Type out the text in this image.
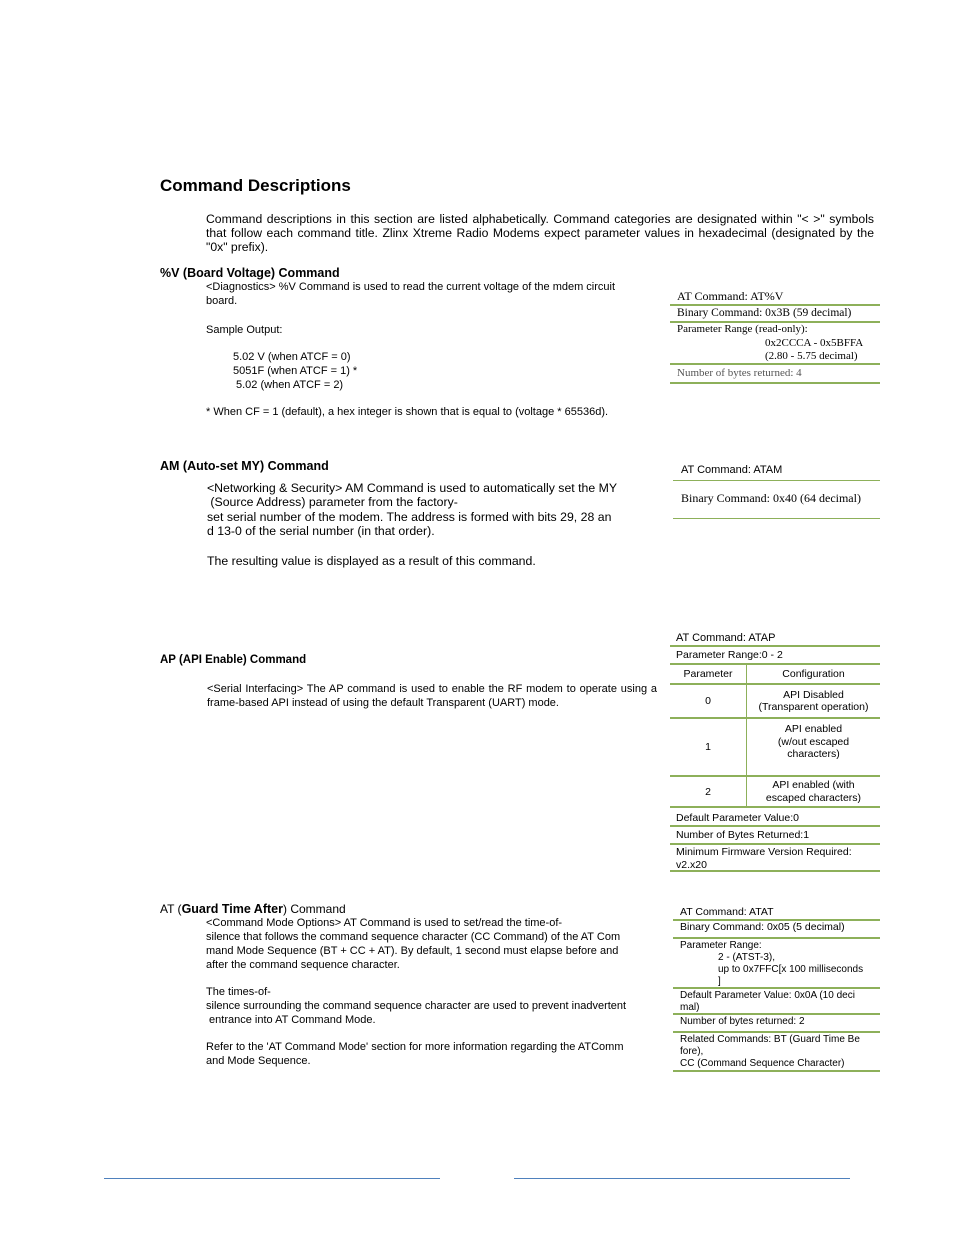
Command Descriptions
Command descriptions in this section are listed alphabetically. Command categories are designated within "< >" symbols that follow each command title. Zlinx Xtreme Radio Modems expect parameter values in hexadecimal (designated by the "0x" prefix).
%V (Board Voltage) Command
<Diagnostics> %V Command is used to read the current voltage of the mdem circuit
board.
Sample Output:
5.02 V (when ATCF = 0)
5051F (when ATCF = 1) *
5.02 (when ATCF = 2)
* When CF = 1 (default), a hex integer is shown that is equal to (voltage * 65536d).
AT Command: AT%V
Binary Command: 0x3B (59 decimal)
Parameter Range (read-only):
0x2CCCA - 0x5BFFA
(2.80 - 5.75 decimal)
Number of bytes returned: 4
AM (Auto-set MY) Command
<Networking & Security> AM Command is used to automatically set the MY
(Source Address) parameter from the factory-
set serial number of the modem. The address is formed with bits 29, 28 an
d 13-0 of the serial number (in that order).
The resulting value is displayed as a result of this command.
AT Command: ATAM
Binary Command: 0x40 (64 decimal)
AP (API Enable) Command
<Serial Interfacing> The AP command is used to enable the RF modem to operate using a frame-based API instead of using the default Transparent (UART) mode.
AT Command: ATAP
Parameter Range:0 - 2
Parameter	Configuration
0	API Disabled
(Transparent operation)

1	API enabled
(w/out escaped
characters)

2	API enabled (with
escaped characters)
Default Parameter Value:0
Number of Bytes Returned:1
Minimum Firmware Version Required:
v2.x20
AT (Guard Time After) Command
<Command Mode Options> AT Command is used to set/read the time-of-
silence that follows the command sequence character (CC Command) of the AT Com
mand Mode Sequence (BT + CC + AT). By default, 1 second must elapse before and
after the command sequence character.
The times-of-
silence surrounding the command sequence character are used to prevent inadvertent
entrance into AT Command Mode.
Refer to the 'AT Command Mode' section for more information regarding the ATComm
and Mode Sequence.
AT Command: ATAT
Binary Command: 0x05 (5 decimal)
Parameter Range:
2 - (ATST-3),
up to 0x7FFC[x 100 milliseconds
]
Default Parameter Value: 0x0A (10 deci
mal)
Number of bytes returned: 2
Related Commands: BT (Guard Time Be
fore),
CC (Command Sequence Character)
